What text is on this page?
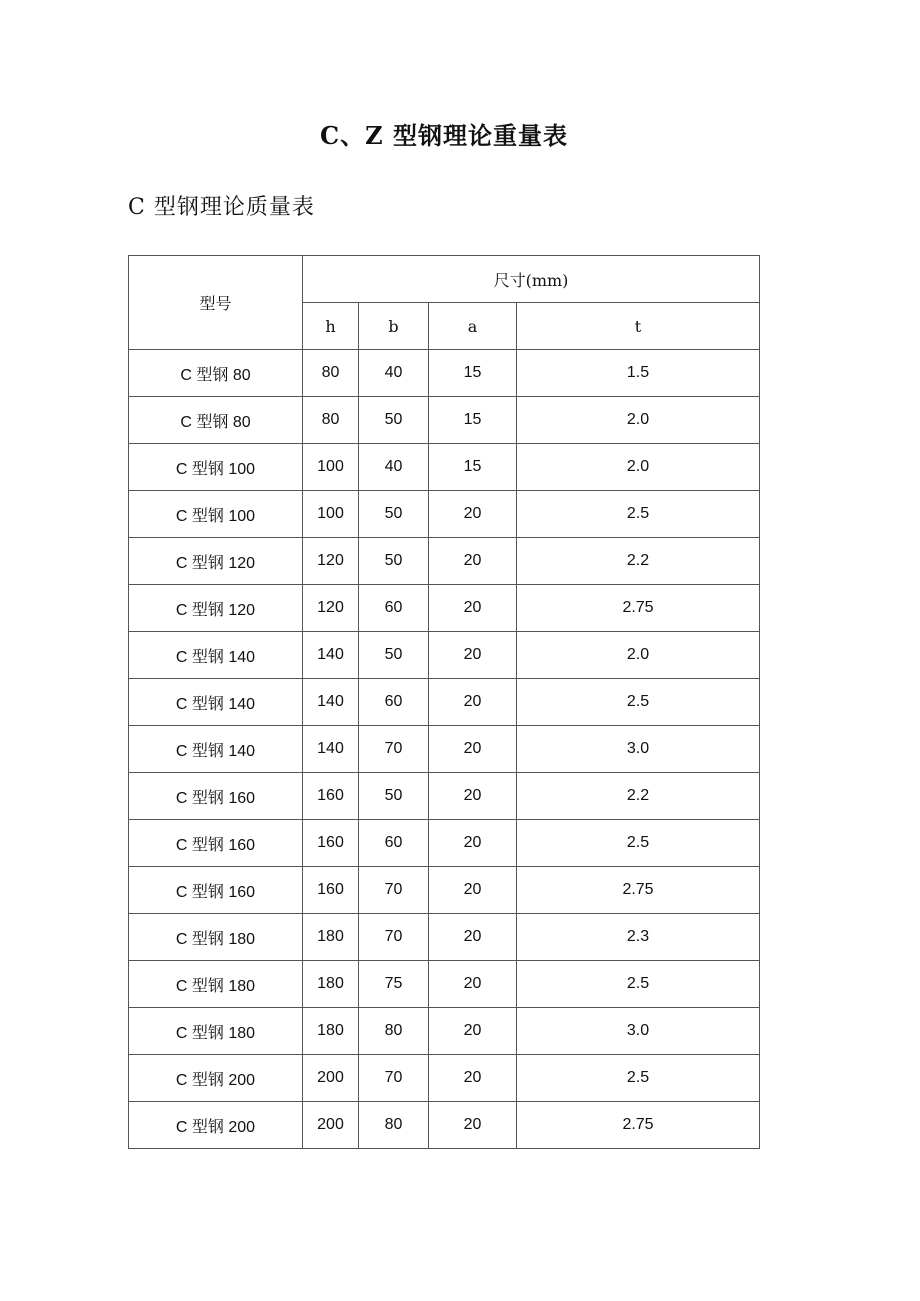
C、Z 型钢理论重量表
C 型钢理论质量表
型号	尺寸(mm)			
	h	b	a	t
C 型钢 80	80	40	15	1.5
C 型钢 80	80	50	15	2.0
C 型钢 100	100	40	15	2.0
C 型钢 100	100	50	20	2.5
C 型钢 120	120	50	20	2.2
C 型钢 120	120	60	20	2.75
C 型钢 140	140	50	20	2.0
C 型钢 140	140	60	20	2.5
C 型钢 140	140	70	20	3.0
C 型钢 160	160	50	20	2.2
C 型钢 160	160	60	20	2.5
C 型钢 160	160	70	20	2.75
C 型钢 180	180	70	20	2.3
C 型钢 180	180	75	20	2.5
C 型钢 180	180	80	20	3.0
C 型钢 200	200	70	20	2.5
C 型钢 200	200	80	20	2.75
